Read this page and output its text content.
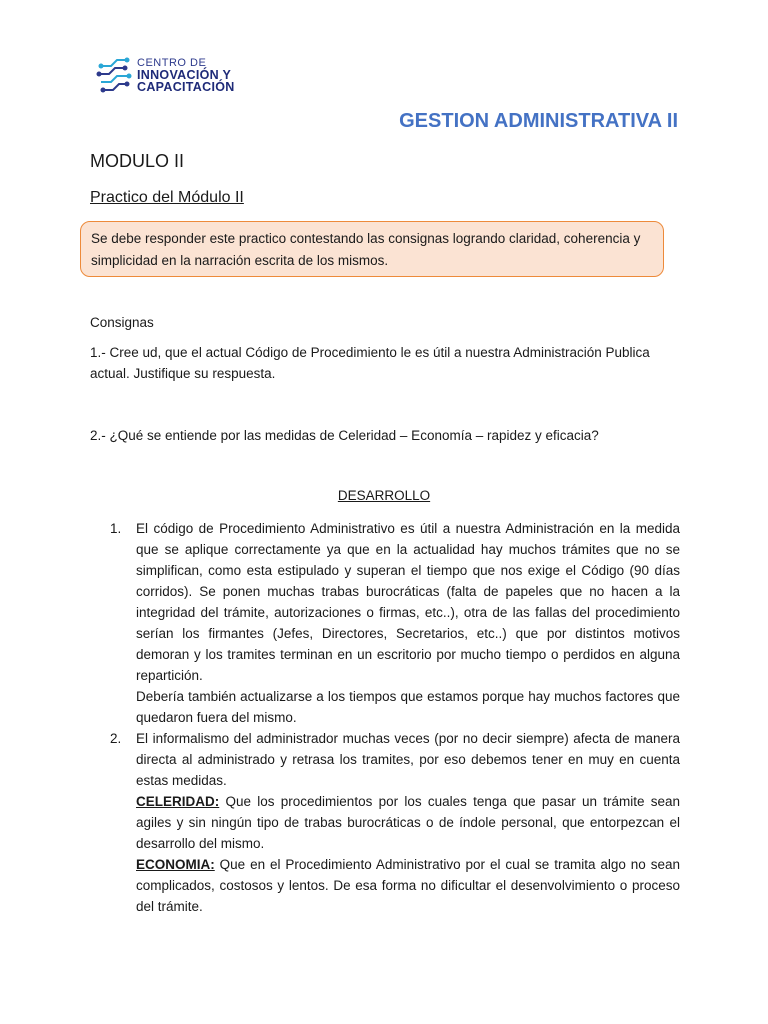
CENTRO DE
INNOVACIÓN Y
CAPACITACIÓN
GESTION ADMINISTRATIVA II
MODULO II
Practico del Módulo II
Se debe responder este practico contestando las consignas logrando claridad, coherencia y simplicidad en la narración escrita de los mismos.
Consignas
1.- Cree ud, que el actual Código de Procedimiento le es útil a nuestra Administración Publica actual. Justifique su respuesta.
2.- ¿Qué se entiende por las medidas de Celeridad – Economía – rapidez y eficacia?
DESARROLLO
1.	El código de Procedimiento Administrativo es útil a nuestra Administración en la medida que se aplique correctamente ya que en la actualidad hay muchos trámites que no se simplifican, como esta estipulado y superan el tiempo que nos exige el Código (90 días corridos). Se ponen muchas trabas burocráticas (falta de papeles que no hacen a la integridad del trámite, autorizaciones o firmas, etc..), otra de las fallas del procedimiento serían los firmantes (Jefes, Directores, Secretarios, etc..) que por distintos motivos demoran y los tramites terminan en un escritorio por mucho tiempo o perdidos en alguna repartición.

Debería también actualizarse a los tiempos que estamos porque hay muchos factores que quedaron fuera del mismo.

2.	El informalismo del administrador muchas veces (por no decir siempre) afecta de manera directa al administrado y retrasa los tramites, por eso debemos tener en muy en cuenta estas medidas.

CELERIDAD: Que los procedimientos por los cuales tenga que pasar un trámite sean agiles y sin ningún tipo de trabas burocráticas o de índole personal, que entorpezcan el desarrollo del mismo.

ECONOMIA: Que en el Procedimiento Administrativo por el cual se tramita algo no sean complicados, costosos y lentos. De esa forma no dificultar el desenvolvimiento o proceso del trámite.
